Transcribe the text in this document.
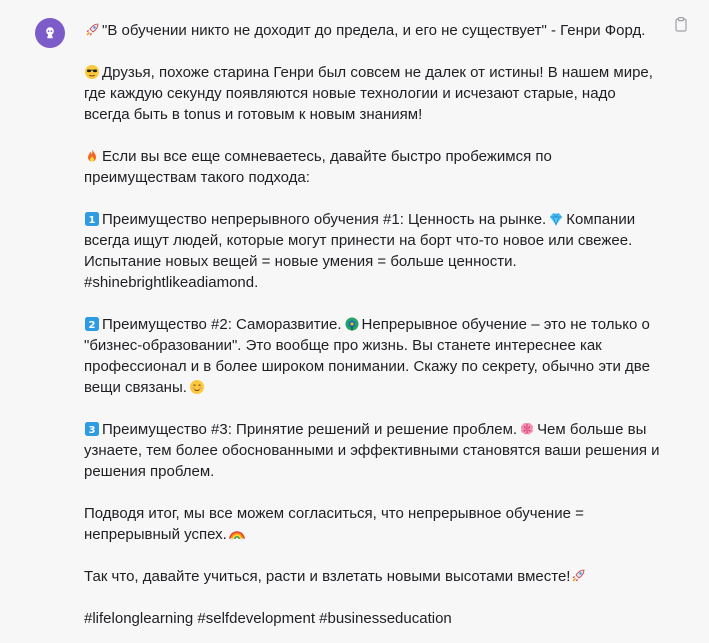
"В обучении никто не доходит до предела, и его не существует" - Генри Форд.

Друзья, похоже старина Генри был совсем не далек от истины! В нашем мире, где каждую секунду появляются новые технологии и исчезают старые, надо всегда быть в tonus и готовым к новым знаниям!

Если вы все еще сомневаетесь, давайте быстро пробежимся по преимуществам такого подхода:

1 Преимущество непрерывного обучения #1: Ценность на рынке. Компании всегда ищут людей, которые могут принести на борт что-то новое или свежее. Испытание новых вещей = новые умения = больше ценности. #shinebrightlikeadiamond.

2 Преимущество #2: Саморазвитие. Непрерывное обучение – это не только о "бизнес-образовании". Это вообще про жизнь. Вы станете интереснее как профессионал и в более широком понимании. Скажу по секрету, обычно эти две вещи связаны.

3 Преимущество #3: Принятие решений и решение проблем. Чем больше вы узнаете, тем более обоснованными и эффективными становятся ваши решения и решения проблем.

Подводя итог, мы все можем согласиться, что непрерывное обучение = непрерывный успех.

Так что, давайте учиться, расти и взлетать новыми высотами вместе!

#lifelonglearning #selfdevelopment #businesseducation
